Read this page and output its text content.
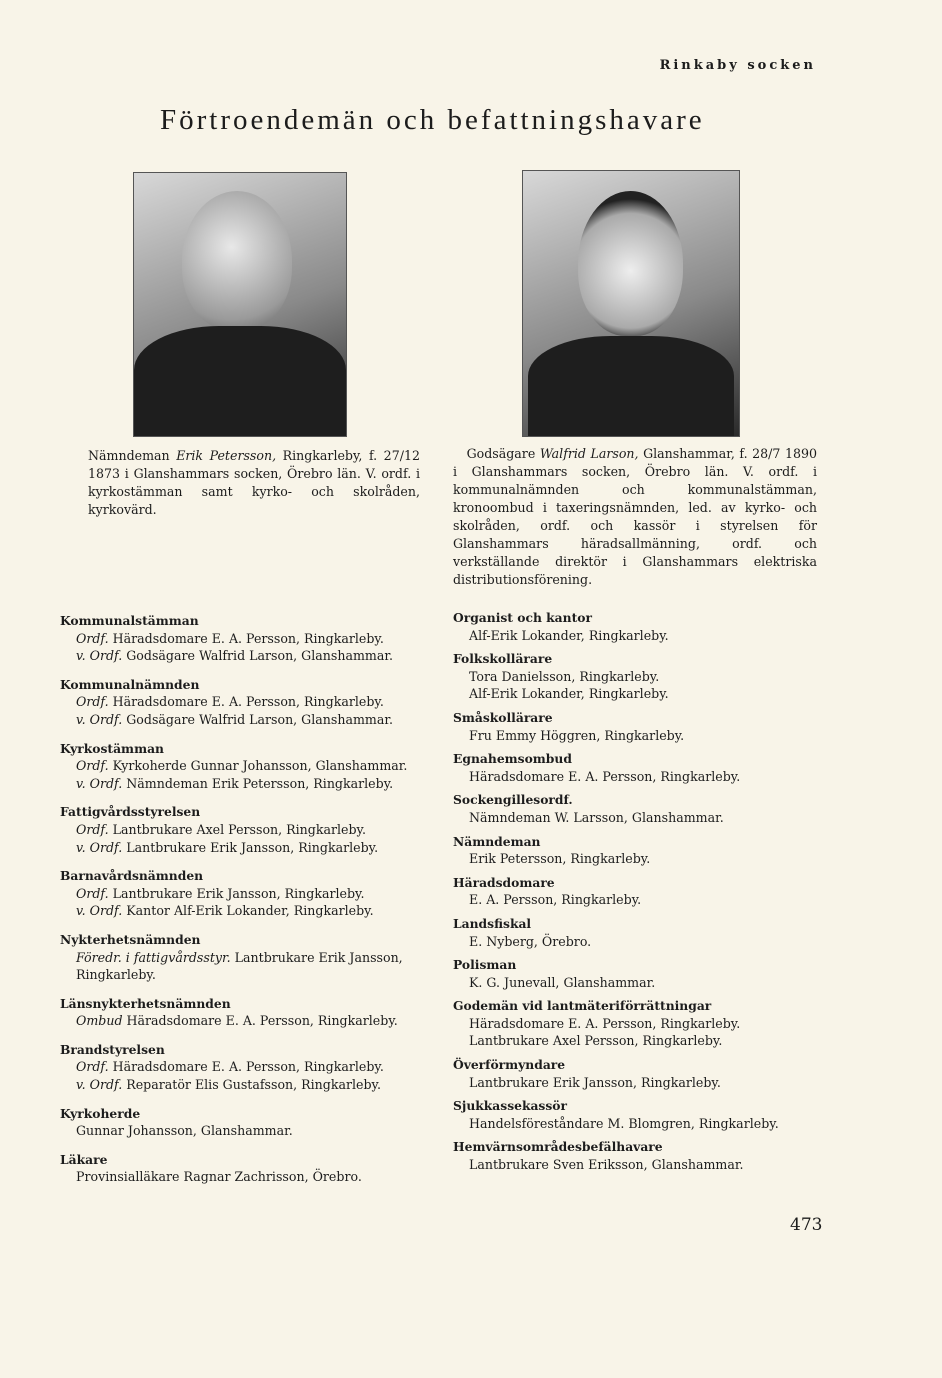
Rinkaby socken
Förtroendemän och befattningshavare
Nämndeman Erik Petersson, Ringkarleby, f. 27/12 1873 i Glanshammars socken, Örebro län. V. ordf. i kyrkostämman samt kyrko- och skolråden, kyrkovärd.
Godsägare Walfrid Larson, Glanshammar, f. 28/7 1890 i Glanshammars socken, Örebro län. V. ordf. i kommunalnämnden och kommunalstämman, kronoombud i taxeringsnämnden, led. av kyrko- och skolråden, ordf. och kassör i styrelsen för Glanshammars häradsallmänning, ordf. och verkställande direktör i Glanshammars elektriska distributionsförening.
Kommunalstämman
Ordf. Häradsdomare E. A. Persson, Ringkarleby.
v. Ordf. Godsägare Walfrid Larson, Glanshammar.
Kommunalnämnden
Ordf. Häradsdomare E. A. Persson, Ringkarleby.
v. Ordf. Godsägare Walfrid Larson, Glanshammar.
Kyrkostämman
Ordf. Kyrkoherde Gunnar Johansson, Glanshammar.
v. Ordf. Nämndeman Erik Petersson, Ringkarleby.
Fattigvårdsstyrelsen
Ordf. Lantbrukare Axel Persson, Ringkarleby.
v. Ordf. Lantbrukare Erik Jansson, Ringkarleby.
Barnavårdsnämnden
Ordf. Lantbrukare Erik Jansson, Ringkarleby.
v. Ordf. Kantor Alf-Erik Lokander, Ringkarleby.
Nykterhetsnämnden
Föredr. i fattigvårdsstyr. Lantbrukare Erik Jansson, Ringkarleby.
Länsnykterhetsnämnden
Ombud Häradsdomare E. A. Persson, Ringkarleby.
Brandstyrelsen
Ordf. Häradsdomare E. A. Persson, Ringkarleby.
v. Ordf. Reparatör Elis Gustafsson, Ringkarleby.
Kyrkoherde
Gunnar Johansson, Glanshammar.
Läkare
Provinsialläkare Ragnar Zachrisson, Örebro.
Organist och kantor
Alf-Erik Lokander, Ringkarleby.
Folkskollärare
Tora Danielsson, Ringkarleby.
Alf-Erik Lokander, Ringkarleby.
Småskollärare
Fru Emmy Höggren, Ringkarleby.
Egnahemsombud
Häradsdomare E. A. Persson, Ringkarleby.
Sockengillesordf.
Nämndeman W. Larsson, Glanshammar.
Nämndeman
Erik Petersson, Ringkarleby.
Häradsdomare
E. A. Persson, Ringkarleby.
Landsfiskal
E. Nyberg, Örebro.
Polisman
K. G. Junevall, Glanshammar.
Godemän vid lantmäteriförrättningar
Häradsdomare E. A. Persson, Ringkarleby.
Lantbrukare Axel Persson, Ringkarleby.
Överförmyndare
Lantbrukare Erik Jansson, Ringkarleby.
Sjukkassekassör
Handelsföreståndare M. Blomgren, Ringkarleby.
Hemvärnsområdesbefälhavare
Lantbrukare Sven Eriksson, Glanshammar.
473
